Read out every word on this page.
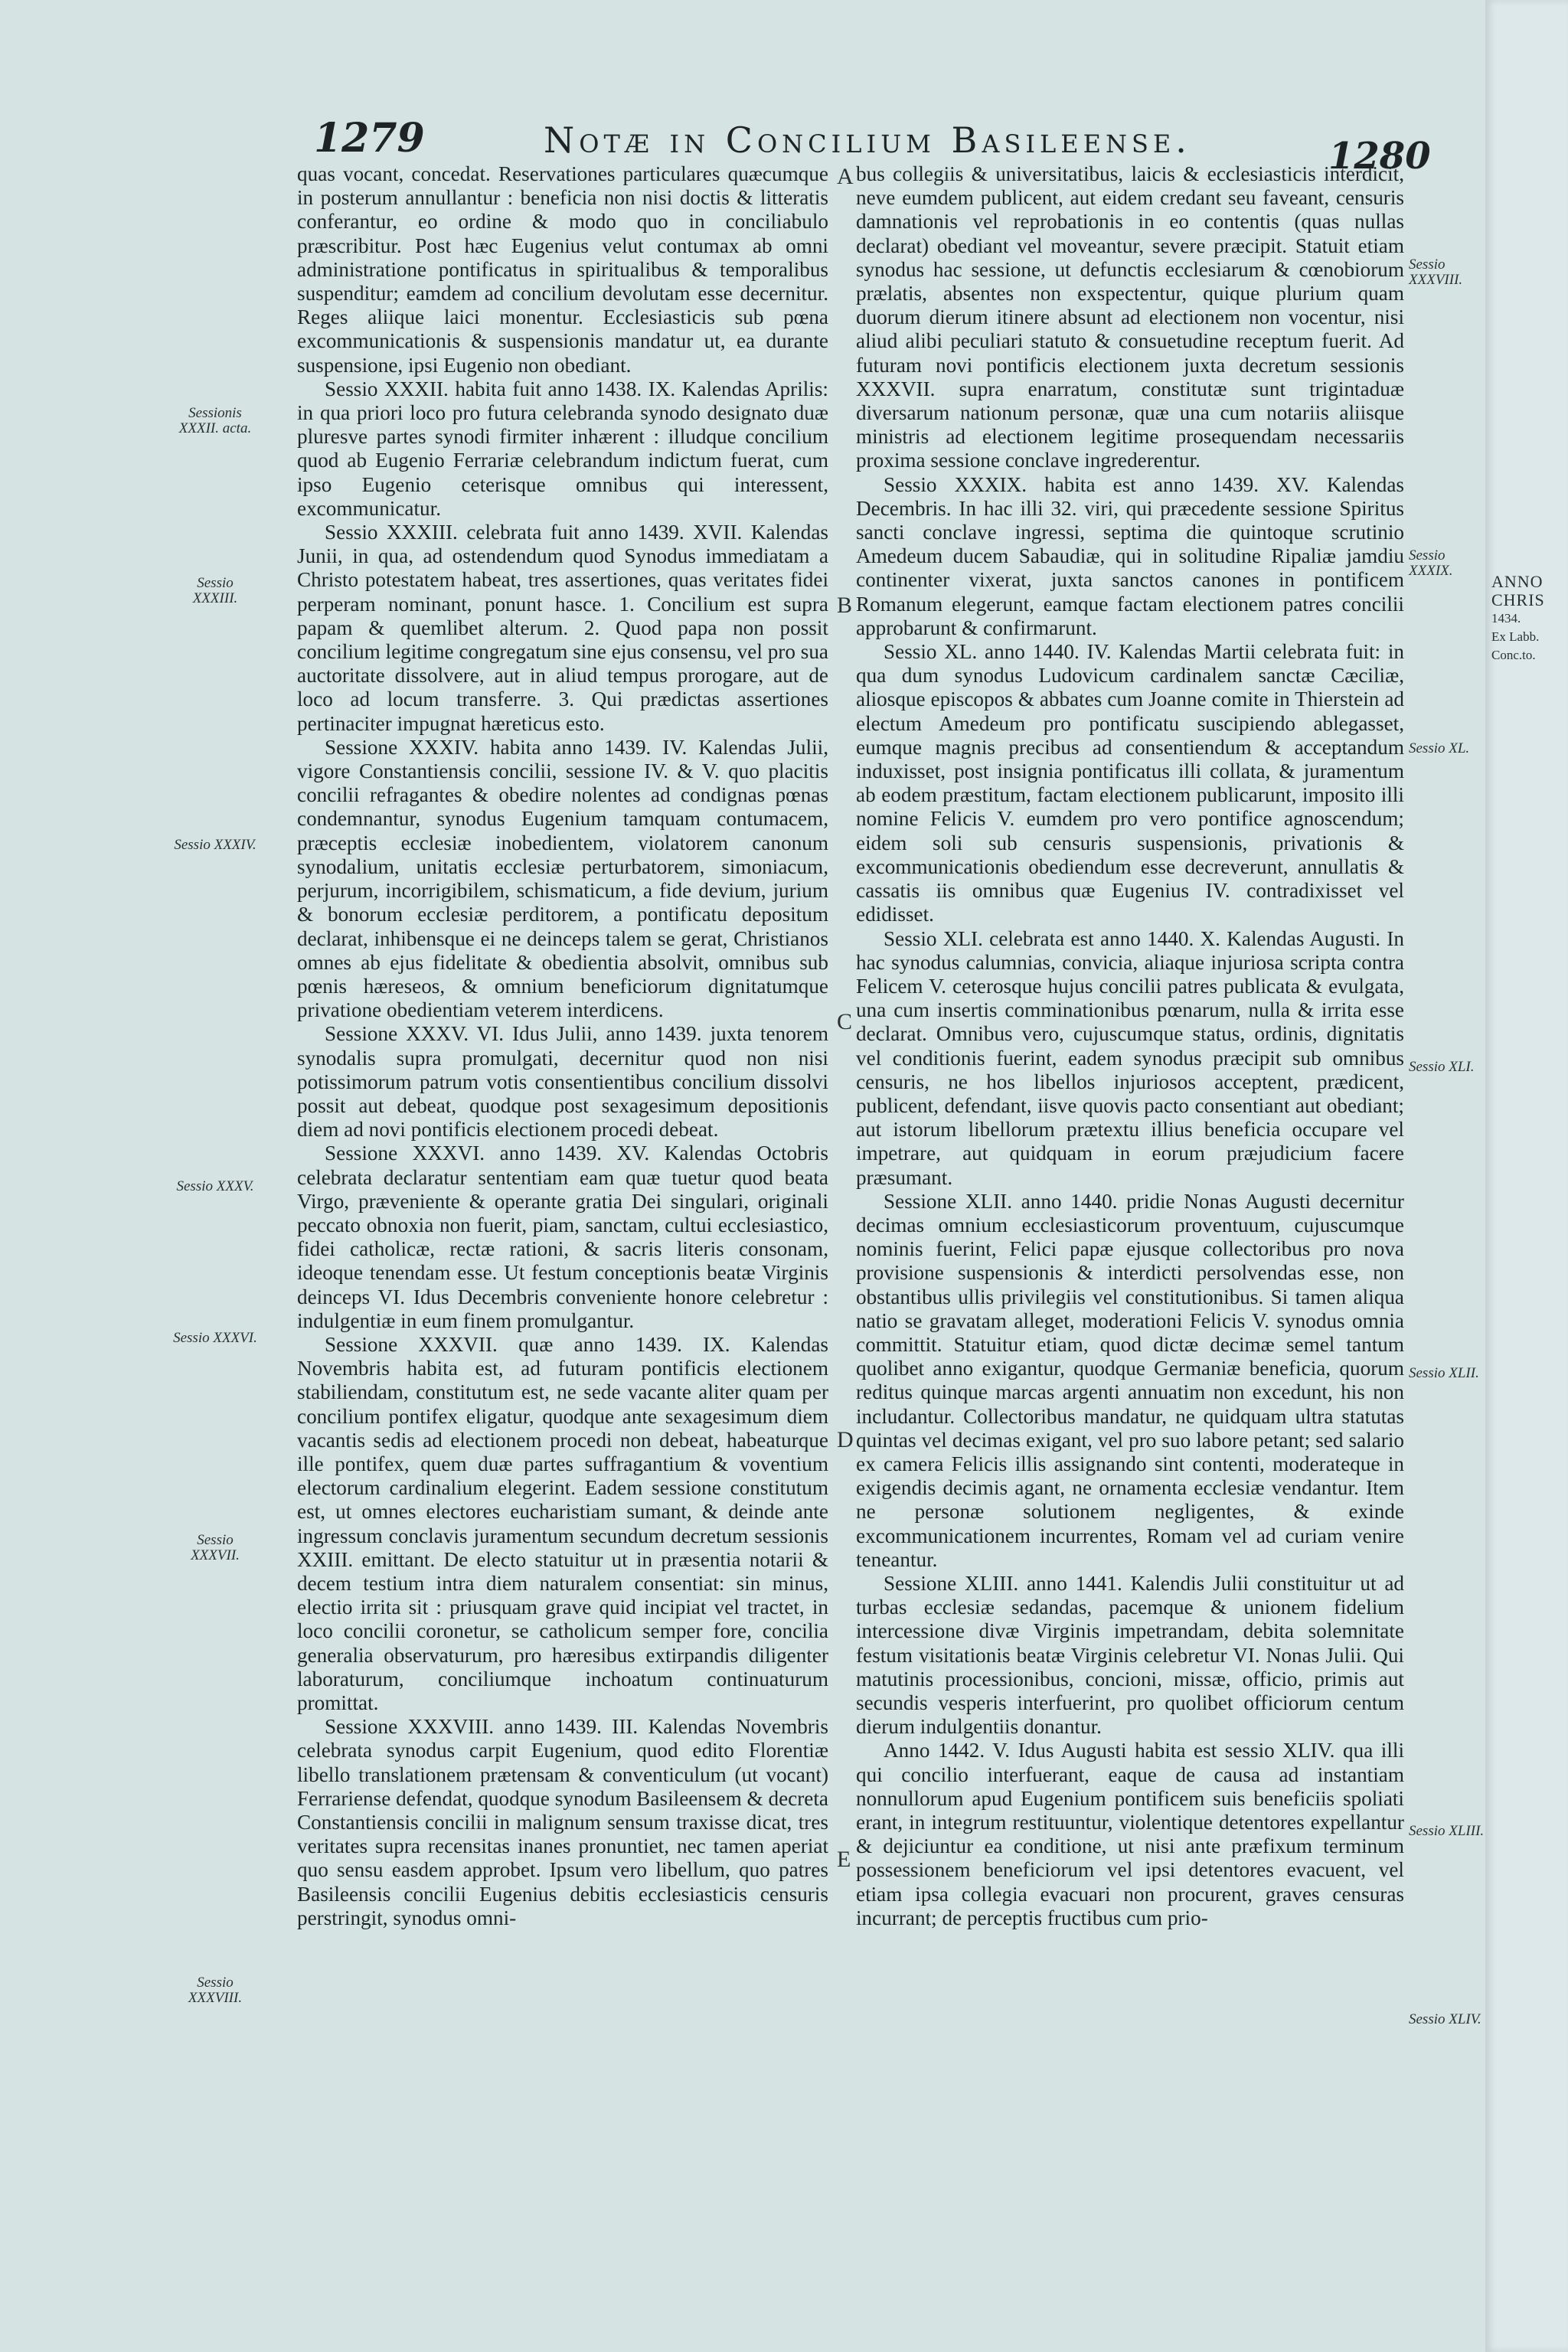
1279	Notæ in Concilium Basileense.	1280
Sessionis XXXII. acta.
Sessio XXXIII.
Sessio XXXIV.
Sessio XXXV.
Sessio XXXVI.
Sessio XXXVII.
Sessio XXXVIII.
A
B
C
D
E

quas vocant, concedat. Reservationes particulares quæcumque in posterum annullantur : beneficia non nisi doctis & litteratis conferantur, eo ordine & modo quo in conciliabulo præscribitur. Post hæc Eugenius velut contumax ab omni administratione pontificatus in spiritualibus & temporalibus suspenditur; eamdem ad concilium devolutam esse decernitur. Reges aliique laici monentur. Ecclesiasticis sub pœna excommunicationis & suspensionis mandatur ut, ea durante suspensione, ipsi Eugenio non obediant.

Sessio XXXII. habita fuit anno 1438. IX. Kalendas Aprilis: in qua priori loco pro futura celebranda synodo designato duæ pluresve partes synodi firmiter inhærent : illudque concilium quod ab Eugenio Ferrariæ celebrandum indictum fuerat, cum ipso Eugenio ceterisque omnibus qui interessent, excommunicatur.

Sessio XXXIII. celebrata fuit anno 1439. XVII. Kalendas Junii, in qua, ad ostendendum quod Synodus immediatam a Christo potestatem habeat, tres assertiones, quas veritates fidei perperam nominant, ponunt hasce. 1. Concilium est supra papam & quemlibet alterum. 2. Quod papa non possit concilium legitime congregatum sine ejus consensu, vel pro sua auctoritate dissolvere, aut in aliud tempus prorogare, aut de loco ad locum transferre. 3. Qui prædictas assertiones pertinaciter impugnat hæreticus esto.

Sessione XXXIV. habita anno 1439. IV. Kalendas Julii, vigore Constantiensis concilii, sessione IV. & V. quo placitis concilii refragantes & obedire nolentes ad condignas pœnas condemnantur, synodus Eugenium tamquam contumacem, præceptis ecclesiæ inobedientem, violatorem canonum synodalium, unitatis ecclesiæ perturbatorem, simoniacum, perjurum, incorrigibilem, schismaticum, a fide devium, jurium & bonorum ecclesiæ perditorem, a pontificatu depositum declarat, inhibensque ei ne deinceps talem se gerat, Christianos omnes ab ejus fidelitate & obedientia absolvit, omnibus sub pœnis hæreseos, & omnium beneficiorum dignitatumque privatione obedientiam veterem interdicens.

Sessione XXXV. VI. Idus Julii, anno 1439. juxta tenorem synodalis supra promulgati, decernitur quod non nisi potissimorum patrum votis consentientibus concilium dissolvi possit aut debeat, quodque post sexagesimum depositionis diem ad novi pontificis electionem procedi debeat.

Sessione XXXVI. anno 1439. XV. Kalendas Octobris celebrata declaratur sententiam eam quæ tuetur quod beata Virgo, præveniente & operante gratia Dei singulari, originali peccato obnoxia non fuerit, piam, sanctam, cultui ecclesiastico, fidei catholicæ, rectæ rationi, & sacris literis consonam, ideoque tenendam esse. Ut festum conceptionis beatæ Virginis deinceps VI. Idus Decembris conveniente honore celebretur : indulgentiæ in eum finem promulgantur.

Sessione XXXVII. quæ anno 1439. IX. Kalendas Novembris habita est, ad futuram pontificis electionem stabiliendam, constitutum est, ne sede vacante aliter quam per concilium pontifex eligatur, quodque ante sexagesimum diem vacantis sedis ad electionem procedi non debeat, habeaturque ille pontifex, quem duæ partes suffragantium & voventium electorum cardinalium elegerint. Eadem sessione constitutum est, ut omnes electores eucharistiam sumant, & deinde ante ingressum conclavis juramentum secundum decretum sessionis XXIII. emittant. De electo statuitur ut in præsentia notarii & decem testium intra diem naturalem consentiat: sin minus, electio irrita sit : priusquam grave quid incipiat vel tractet, in loco concilii coronetur, se catholicum semper fore, concilia generalia observaturum, pro hæresibus extirpandis diligenter laboraturum, conciliumque inchoatum continuaturum promittat.

Sessione XXXVIII. anno 1439. III. Kalendas Novembris celebrata synodus carpit Eugenium, quod edito Florentiæ libello translationem prætensam & conventiculum (ut vocant) Ferrariense defendat, quodque synodum Basileensem & decreta Constantiensis concilii in malignum sensum traxisse dicat, tres veritates supra recensitas inanes pronuntiet, nec tamen aperiat quo sensu easdem approbet. Ipsum vero libellum, quo patres Basileensis concilii Eugenius debitis ecclesiasticis censuris perstringit, synodus omni-

bus collegiis & universitatibus, laicis & ecclesiasticis interdicit, neve eumdem publicent, aut eidem credant seu faveant, censuris damnationis vel reprobationis in eo contentis (quas nullas declarat) obediant vel moveantur, severe præcipit. Statuit etiam synodus hac sessione, ut defunctis ecclesiarum & cœnobiorum prælatis, absentes non exspectentur, quique plurium quam duorum dierum itinere absunt ad electionem non vocentur, nisi aliud alibi peculiari statuto & consuetudine receptum fuerit. Ad futuram novi pontificis electionem juxta decretum sessionis XXXVII. supra enarratum, constitutæ sunt trigintaduæ diversarum nationum personæ, quæ una cum notariis aliisque ministris ad electionem legitime prosequendam necessariis proxima sessione conclave ingrederentur.

Sessio XXXIX. habita est anno 1439. XV. Kalendas Decembris. In hac illi 32. viri, qui præcedente sessione Spiritus sancti conclave ingressi, septima die quintoque scrutinio Amedeum ducem Sabaudiæ, qui in solitudine Ripaliæ jamdiu continenter vixerat, juxta sanctos canones in pontificem Romanum elegerunt, eamque factam electionem patres concilii approbarunt & confirmarunt.

Sessio XL. anno 1440. IV. Kalendas Martii celebrata fuit: in qua dum synodus Ludovicum cardinalem sanctæ Cæciliæ, aliosque episcopos & abbates cum Joanne comite in Thierstein ad electum Amedeum pro pontificatu suscipiendo ablegasset, eumque magnis precibus ad consentiendum & acceptandum induxisset, post insignia pontificatus illi collata, & juramentum ab eodem præstitum, factam electionem publicarunt, imposito illi nomine Felicis V. eumdem pro vero pontifice agnoscendum; eidem soli sub censuris suspensionis, privationis & excommunicationis obediendum esse decreverunt, annullatis & cassatis iis omnibus quæ Eugenius IV. contradixisset vel edidisset.

Sessio XLI. celebrata est anno 1440. X. Kalendas Augusti. In hac synodus calumnias, convicia, aliaque injuriosa scripta contra Felicem V. ceterosque hujus concilii patres publicata & evulgata, una cum insertis comminationibus pœnarum, nulla & irrita esse declarat. Omnibus vero, cujuscumque status, ordinis, dignitatis vel conditionis fuerint, eadem synodus præcipit sub omnibus censuris, ne hos libellos injuriosos acceptent, prædicent, publicent, defendant, iisve quovis pacto consentiant aut obediant; aut istorum libellorum prætextu illius beneficia occupare vel impetrare, aut quidquam in eorum præjudicium facere præsumant.

Sessione XLII. anno 1440. pridie Nonas Augusti decernitur decimas omnium ecclesiasticorum proventuum, cujuscumque nominis fuerint, Felici papæ ejusque collectoribus pro nova provisione suspensionis & interdicti persolvendas esse, non obstantibus ullis privilegiis vel constitutionibus. Si tamen aliqua natio se gravatam alleget, moderationi Felicis V. synodus omnia committit. Statuitur etiam, quod dictæ decimæ semel tantum quolibet anno exigantur, quodque Germaniæ beneficia, quorum reditus quinque marcas argenti annuatim non excedunt, his non includantur. Collectoribus mandatur, ne quidquam ultra statutas quintas vel decimas exigant, vel pro suo labore petant; sed salario ex camera Felicis illis assignando sint contenti, moderateque in exigendis decimis agant, ne ornamenta ecclesiæ vendantur. Item ne personæ solutionem negligentes, & exinde excommunicationem incurrentes, Romam vel ad curiam venire teneantur.

Sessione XLIII. anno 1441. Kalendis Julii constituitur ut ad turbas ecclesiæ sedandas, pacemque & unionem fidelium intercessione divæ Virginis impetrandam, debita solemnitate festum visitationis beatæ Virginis celebretur VI. Nonas Julii. Qui matutinis processionibus, concioni, missæ, officio, primis aut secundis vesperis interfuerint, pro quolibet officiorum centum dierum indulgentiis donantur.

Anno 1442. V. Idus Augusti habita est sessio XLIV. qua illi qui concilio interfuerant, eaque de causa ad instantiam nonnullorum apud Eugenium pontificem suis beneficiis spoliati erant, in integrum restituuntur, violentique detentores expellantur & dejiciuntur ea conditione, ut nisi ante præfixum terminum possessionem beneficiorum vel ipsi detentores evacuent, vel etiam ipsa collegia evacuari non procurent, graves censuras incurrant; de perceptis fructibus cum prio-

Sessio XXXVIII.
Sessio XXXIX.
Sessio XL.
Sessio XLI.
Sessio XLII.
Sessio XLIII.
Sessio XLIV.
ANNO
CHRIS
1434.
Ex Labb.
Conc.to.
